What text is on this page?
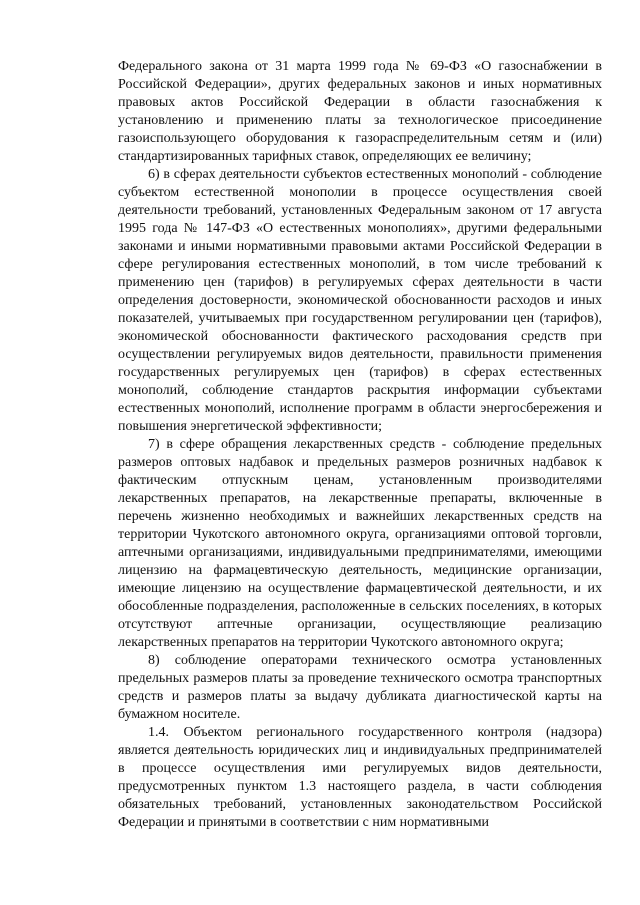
Федерального закона от 31 марта 1999 года № 69-ФЗ «О газоснабжении в Российской Федерации», других федеральных законов и иных нормативных правовых актов Российской Федерации в области газоснабжения к установлению и применению платы за технологическое присоединение газоиспользующего оборудования к газораспределительным сетям и (или) стандартизированных тарифных ставок, определяющих ее величину;

6) в сферах деятельности субъектов естественных монополий - соблюдение субъектом естественной монополии в процессе осуществления своей деятельности требований, установленных Федеральным законом от 17 августа 1995 года № 147-ФЗ «О естественных монополиях», другими федеральными законами и иными нормативными правовыми актами Российской Федерации в сфере регулирования естественных монополий, в том числе требований к применению цен (тарифов) в регулируемых сферах деятельности в части определения достоверности, экономической обоснованности расходов и иных показателей, учитываемых при государственном регулировании цен (тарифов), экономической обоснованности фактического расходования средств при осуществлении регулируемых видов деятельности, правильности применения государственных регулируемых цен (тарифов) в сферах естественных монополий, соблюдение стандартов раскрытия информации субъектами естественных монополий, исполнение программ в области энергосбережения и повышения энергетической эффективности;

7) в сфере обращения лекарственных средств - соблюдение предельных размеров оптовых надбавок и предельных размеров розничных надбавок к фактическим отпускным ценам, установленным производителями лекарственных препаратов, на лекарственные препараты, включенные в перечень жизненно необходимых и важнейших лекарственных средств на территории Чукотского автономного округа, организациями оптовой торговли, аптечными организациями, индивидуальными предпринимателями, имеющими лицензию на фармацевтическую деятельность, медицинские организации, имеющие лицензию на осуществление фармацевтической деятельности, и их обособленные подразделения, расположенные в сельских поселениях, в которых отсутствуют аптечные организации, осуществляющие реализацию лекарственных препаратов на территории Чукотского автономного округа;

8) соблюдение операторами технического осмотра установленных предельных размеров платы за проведение технического осмотра транспортных средств и размеров платы за выдачу дубликата диагностической карты на бумажном носителе.

1.4. Объектом регионального государственного контроля (надзора) является деятельность юридических лиц и индивидуальных предпринимателей в процессе осуществления ими регулируемых видов деятельности, предусмотренных пунктом 1.3 настоящего раздела, в части соблюдения обязательных требований, установленных законодательством Российской Федерации и принятыми в соответствии с ним нормативными
